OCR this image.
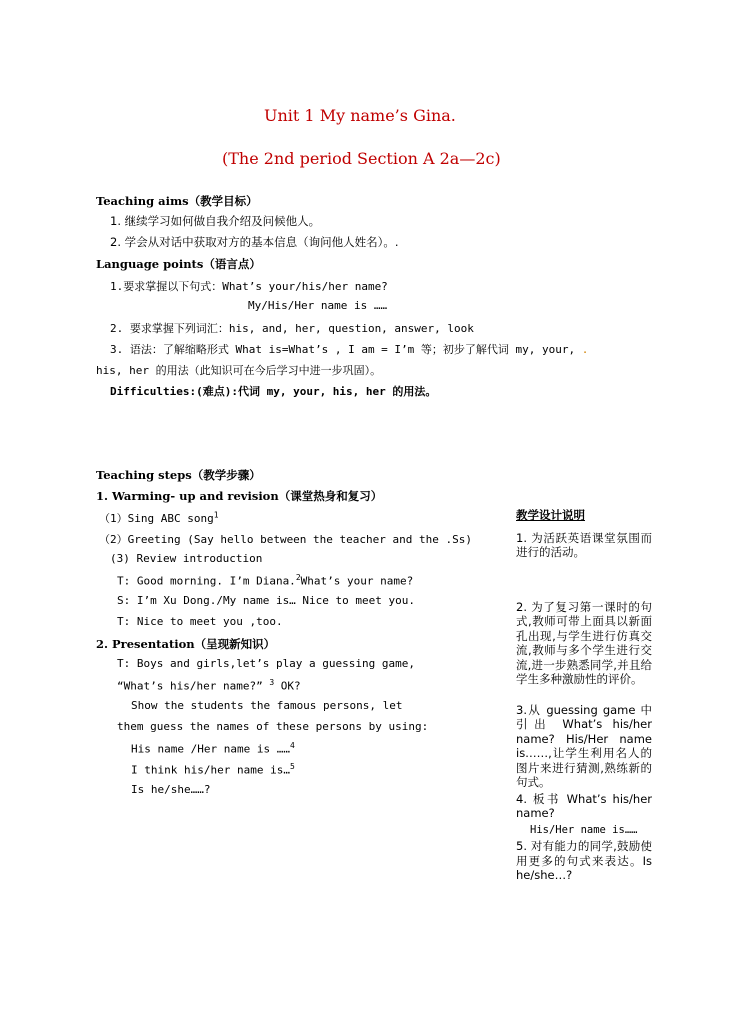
Unit 1 My name’s Gina.
(The 2nd period Section A 2a—2c)
Teaching aims（教学目标）
1. 继续学习如何做自我介绍及问候他人。
2. 学会从对话中获取对方的基本信息（询问他人姓名）。.
Language points（语言点）
1.要求掌握以下句式：What’s your/his/her name?
My/His/Her name is ……
2. 要求掌握下列词汇：his, and, her, question, answer, look
3. 语法：了解缩略形式 What is=What’s , I am = I’m 等；初步了解代词 my, your, .
his, her 的用法（此知识可在今后学习中进一步巩固）。
Difficulties:(难点):代词 my, your, his, her 的用法。
Teaching steps（教学步骤）
1. Warming- up and revision（课堂热身和复习）
（1）Sing ABC song$^1$
（2）Greeting (Say hello between the teacher and the .Ss)
(3) Review introduction
T: Good morning. I’m Diana.$^2$What’s your name?
S: I’m Xu Dong./My name is… Nice to meet you.
T: Nice to meet you ,too.
2. Presentation（呈现新知识）
T: Boys and girls,let’s play a guessing game,
“What’s his/her name?” $^3$ OK?
Show the students the famous persons, let
them guess the names of these persons by using:
His name /Her name is ……$^4$
I think his/her name is…$^5$
Is he/she……?
教学设计说明
1. 为活跃英语课堂氛围而进行的活动。
2. 为了复习第一课时的句式,教师可带上面具以新面孔出现,与学生进行仿真交流,教师与多个学生进行交流,进一步熟悉同学,并且给学生多种激励性的评价。
3.从 guessing game 中引出 What’s his/her name? His/Her name is……,让学生利用名人的图片来进行猜测,熟练新的句式。
4. 板书 What’s his/her name?
His/Her name is……
5. 对有能力的同学,鼓励使用更多的句式来表达。Is he/she…?
